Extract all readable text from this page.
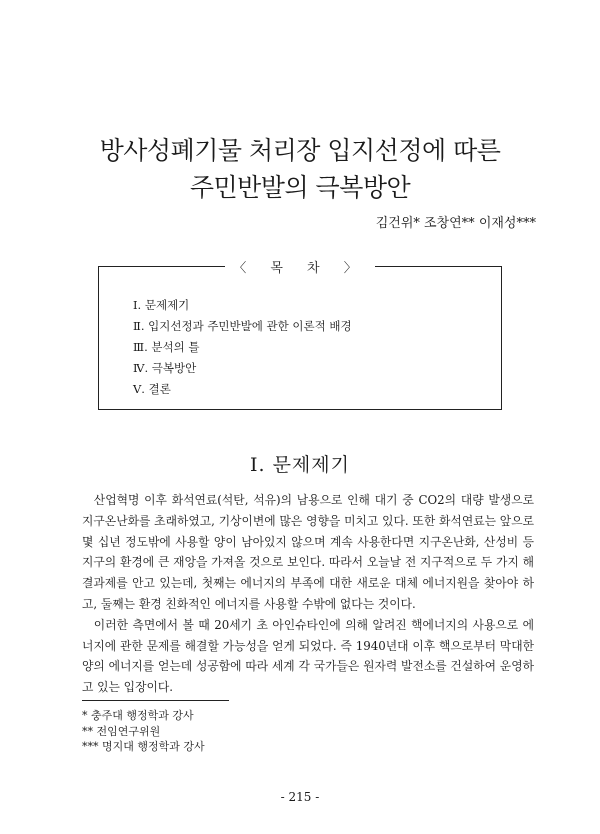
방사성폐기물 처리장 입지선정에 따른
주민반발의 극복방안
김건위* 조창연** 이재성***
〈 목 차 〉
Ⅰ. 문제제기
Ⅱ. 입지선정과 주민반발에 관한 이론적 배경
Ⅲ. 분석의 틀
Ⅳ. 극복방안
Ⅴ. 결론
Ⅰ. 문제제기

산업혁명 이후 화석연료(석탄, 석유)의 남용으로 인해 대기 중 CO2의 대량 발생으로 지구온난화를 초래하였고, 기상이변에 많은 영향을 미치고 있다. 또한 화석연료는 앞으로 몇 십년 정도밖에 사용할 양이 남아있지 않으며 계속 사용한다면 지구온난화, 산성비 등 지구의 환경에 큰 재앙을 가져올 것으로 보인다. 따라서 오늘날 전 지구적으로 두 가지 해결과제를 안고 있는데, 첫째는 에너지의 부족에 대한 새로운 대체 에너지원을 찾아야 하고, 둘째는 환경 친화적인 에너지를 사용할 수밖에 없다는 것이다.

이러한 측면에서 볼 때 20세기 초 아인슈타인에 의해 알려진 핵에너지의 사용으로 에너지에 관한 문제를 해결할 가능성을 얻게 되었다. 즉 1940년대 이후 핵으로부터 막대한 양의 에너지를 얻는데 성공함에 따라 세계 각 국가들은 원자력 발전소를 건설하여 운영하고 있는 입장이다.

* 충주대 행정학과 강사
** 전임연구위원
*** 명지대 행정학과 강사
- 215 -
